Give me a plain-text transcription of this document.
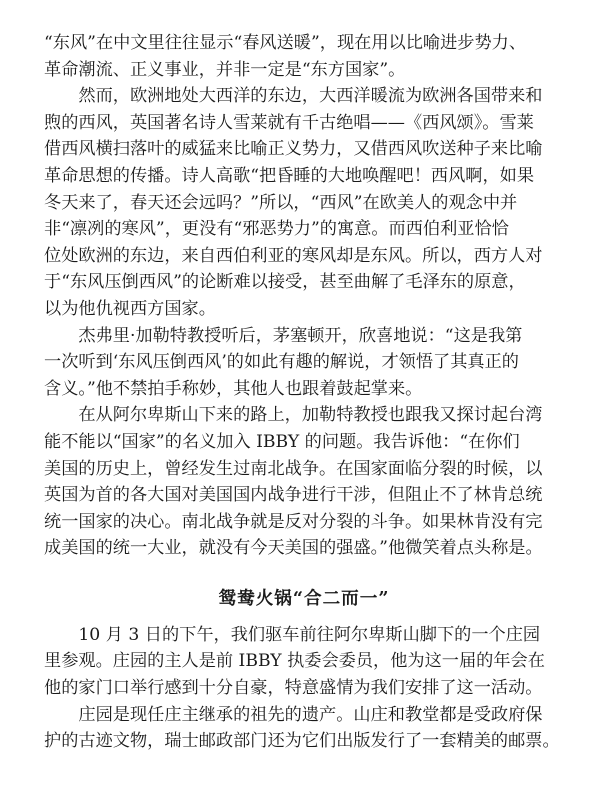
“东风”在中文里往往显示“春风送暖”，现在用以比喻进步势力、
革命潮流、正义事业，并非一定是“东方国家”。

　　然而，欧洲地处大西洋的东边，大西洋暖流为欧洲各国带来和
煦的西风，英国著名诗人雪莱就有千古绝唱——《西风颂》。雪莱
借西风横扫落叶的威猛来比喻正义势力，又借西风吹送种子来比喻
革命思想的传播。诗人高歌“把昏睡的大地唤醒吧！西风啊，如果
冬天来了，春天还会远吗？”所以，“西风”在欧美人的观念中并
非“凛冽的寒风”，更没有“邪恶势力”的寓意。而西伯利亚恰恰
位处欧洲的东边，来自西伯利亚的寒风却是东风。所以，西方人对
于“东风压倒西风”的论断难以接受，甚至曲解了毛泽东的原意，
以为他仇视西方国家。

　　杰弗里·加勒特教授听后，茅塞顿开，欣喜地说：“这是我第
一次听到‘东风压倒西风’的如此有趣的解说，才领悟了其真正的
含义。”他不禁拍手称妙，其他人也跟着鼓起掌来。

　　在从阿尔卑斯山下来的路上，加勒特教授也跟我又探讨起台湾
能不能以“国家”的名义加入 IBBY 的问题。我告诉他：“在你们
美国的历史上，曾经发生过南北战争。在国家面临分裂的时候，以
英国为首的各大国对美国国内战争进行干涉，但阻止不了林肯总统
统一国家的决心。南北战争就是反对分裂的斗争。如果林肯没有完
成美国的统一大业，就没有今天美国的强盛。”他微笑着点头称是。

鸳鸯火锅“合二而一”

　　10 月 3 日的下午，我们驱车前往阿尔卑斯山脚下的一个庄园
里参观。庄园的主人是前 IBBY 执委会委员，他为这一届的年会在
他的家门口举行感到十分自豪，特意盛情为我们安排了这一活动。

　　庄园是现任庄主继承的祖先的遗产。山庄和教堂都是受政府保
护的古迹文物，瑞士邮政部门还为它们出版发行了一套精美的邮票。
